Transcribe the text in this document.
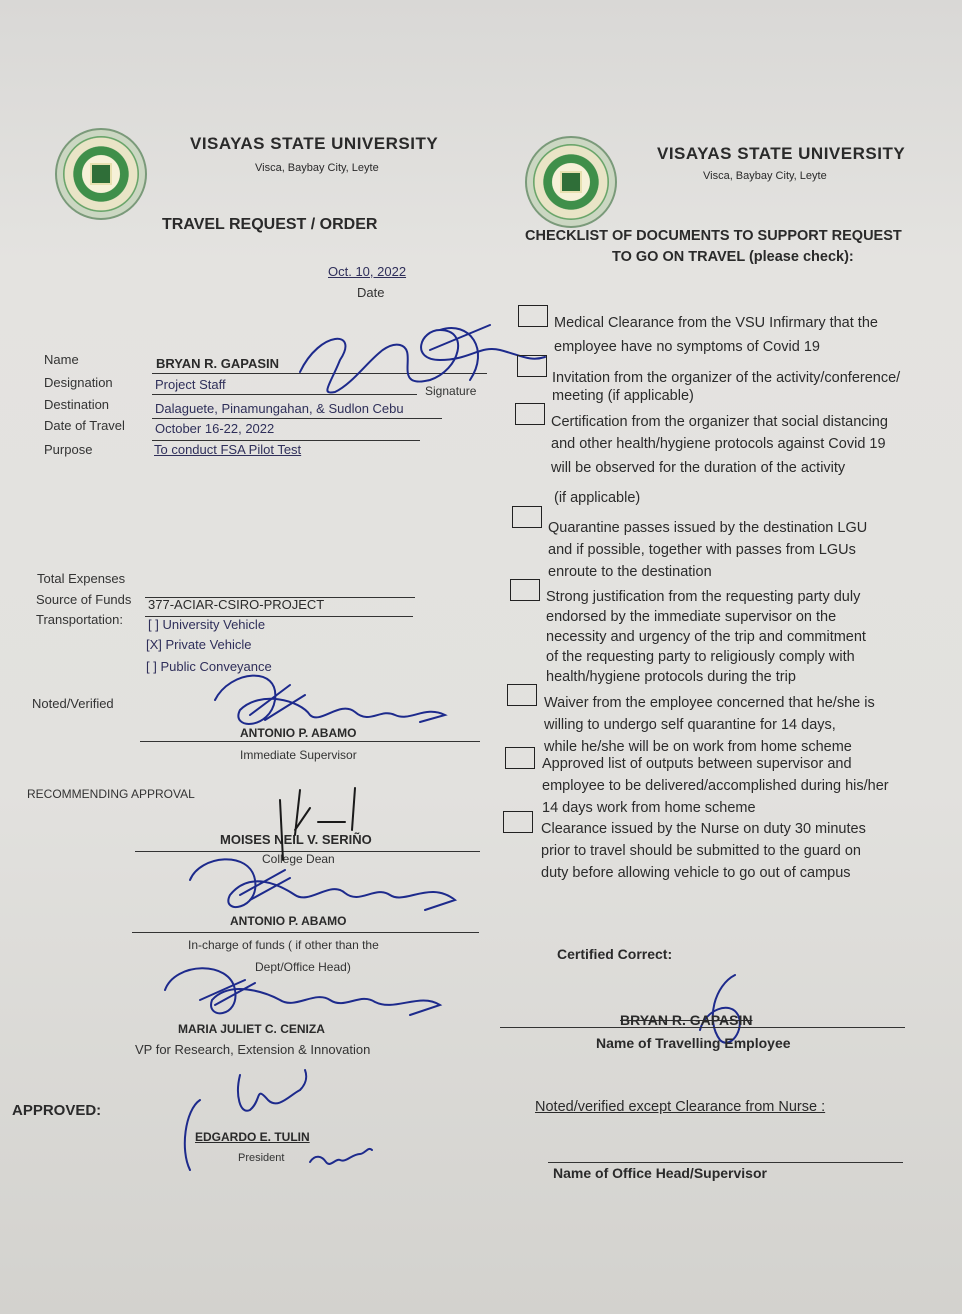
VISAYAS STATE UNIVERSITY
Visca, Baybay City, Leyte
TRAVEL REQUEST / ORDER
Oct. 10, 2022
Date
Name	BRYAN R. GAPASIN
Signature
Designation	Project Staff
Destination	Dalaguete, Pinamungahan, & Sudlon Cebu
Date of Travel October 16-22, 2022
Purpose	To conduct FSA Pilot Test
Total Expenses
Source of Funds 377-ACIAR-CSIRO-PROJECT
Transportation: [ ] University Vehicle
[X] Private Vehicle
[ ] Public Conveyance
Noted/Verified
ANTONIO P. ABAMO
Immediate Supervisor
RECOMMENDING APPROVAL
MOISES NEIL V. SERIÑO
College Dean
ANTONIO P. ABAMO
In-charge of funds ( if other than the
Dept/Office Head)
MARIA JULIET C. CENIZA
VP for Research, Extension & Innovation
APPROVED:
EDGARDO E. TULIN
President
VISAYAS STATE UNIVERSITY
Visca, Baybay City, Leyte
CHECKLIST OF DOCUMENTS TO SUPPORT REQUEST
TO GO ON TRAVEL (please check):
Medical Clearance from the VSU Infirmary that the
employee have no symptoms of Covid 19
Invitation from the organizer of the activity/conference/
meeting (if applicable)
Certification from the organizer that social distancing
and other health/hygiene protocols against Covid 19
will be observed for the duration of the activity
(if applicable)
Quarantine passes issued by the destination LGU
and if possible, together with passes from LGUs
enroute to the destination
Strong justification from the requesting party duly
endorsed by the immediate supervisor on the
necessity and urgency of the trip and commitment
of the requesting party to religiously comply with
health/hygiene protocols during the trip
Waiver from the employee concerned that he/she is
willing to undergo self quarantine for 14 days,
while he/she will be on work from home scheme
Approved list of outputs between supervisor and
employee to be delivered/accomplished during his/her
14 days work from home scheme
Clearance issued by the Nurse on duty 30 minutes
prior to travel should be submitted to the guard on
duty before allowing vehicle to go out of campus
Certified Correct:
BRYAN R. GAPASIN
Name of Travelling Employee
Noted/verified except Clearance from Nurse :
Name of Office Head/Supervisor
